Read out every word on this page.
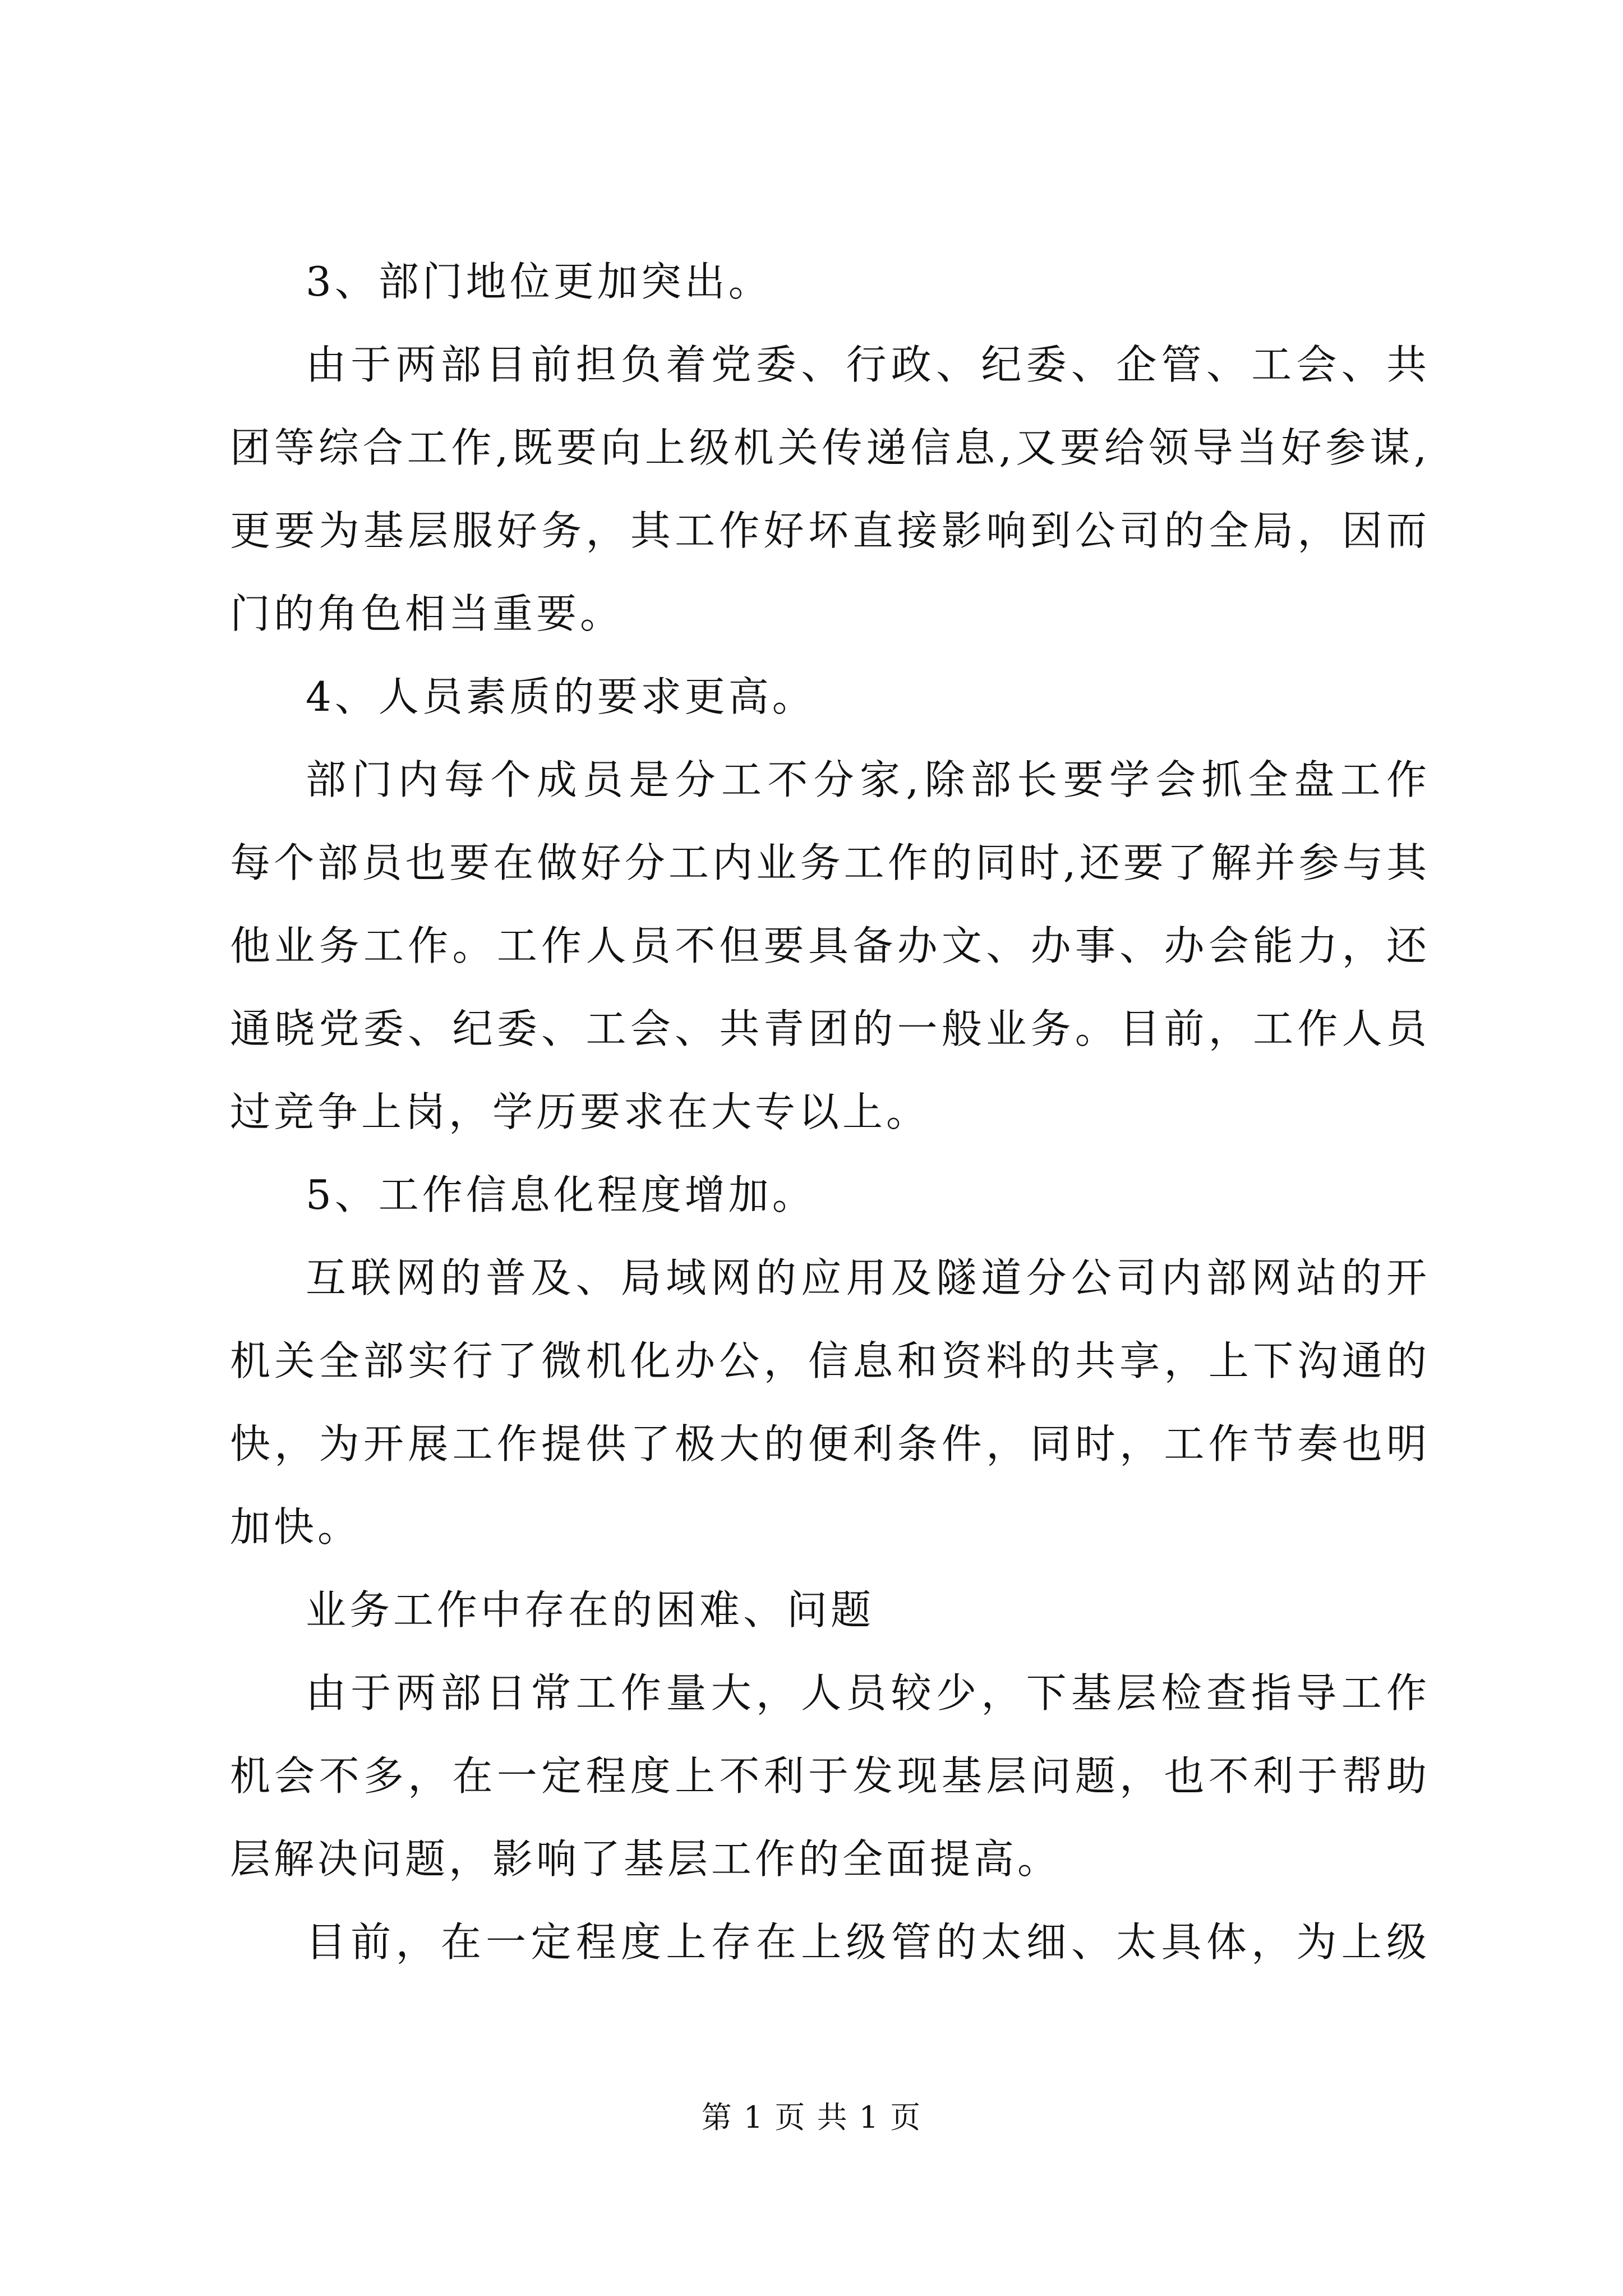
3、部门地位更加突出。
由于两部目前担负着党委、行政、纪委、企管、工会、共
团等综合工作,既要向上级机关传递信息,又要给领导当好参谋,
更要为基层服好务，其工作好坏直接影响到公司的全局，因而
门的角色相当重要。
4、人员素质的要求更高。
部门内每个成员是分工不分家,除部长要学会抓全盘工作
每个部员也要在做好分工内业务工作的同时,还要了解并参与其
他业务工作。工作人员不但要具备办文、办事、办会能力，还
通晓党委、纪委、工会、共青团的一般业务。目前，工作人员
过竞争上岗，学历要求在大专以上。
5、工作信息化程度增加。
互联网的普及、局域网的应用及隧道分公司内部网站的开
机关全部实行了微机化办公，信息和资料的共享，上下沟通的
快，为开展工作提供了极大的便利条件，同时，工作节奏也明
加快。
业务工作中存在的困难、问题
由于两部日常工作量大，人员较少，下基层检查指导工作
机会不多，在一定程度上不利于发现基层问题，也不利于帮助
层解决问题，影响了基层工作的全面提高。
目前，在一定程度上存在上级管的太细、太具体，为上级
第 1 页 共 1 页
